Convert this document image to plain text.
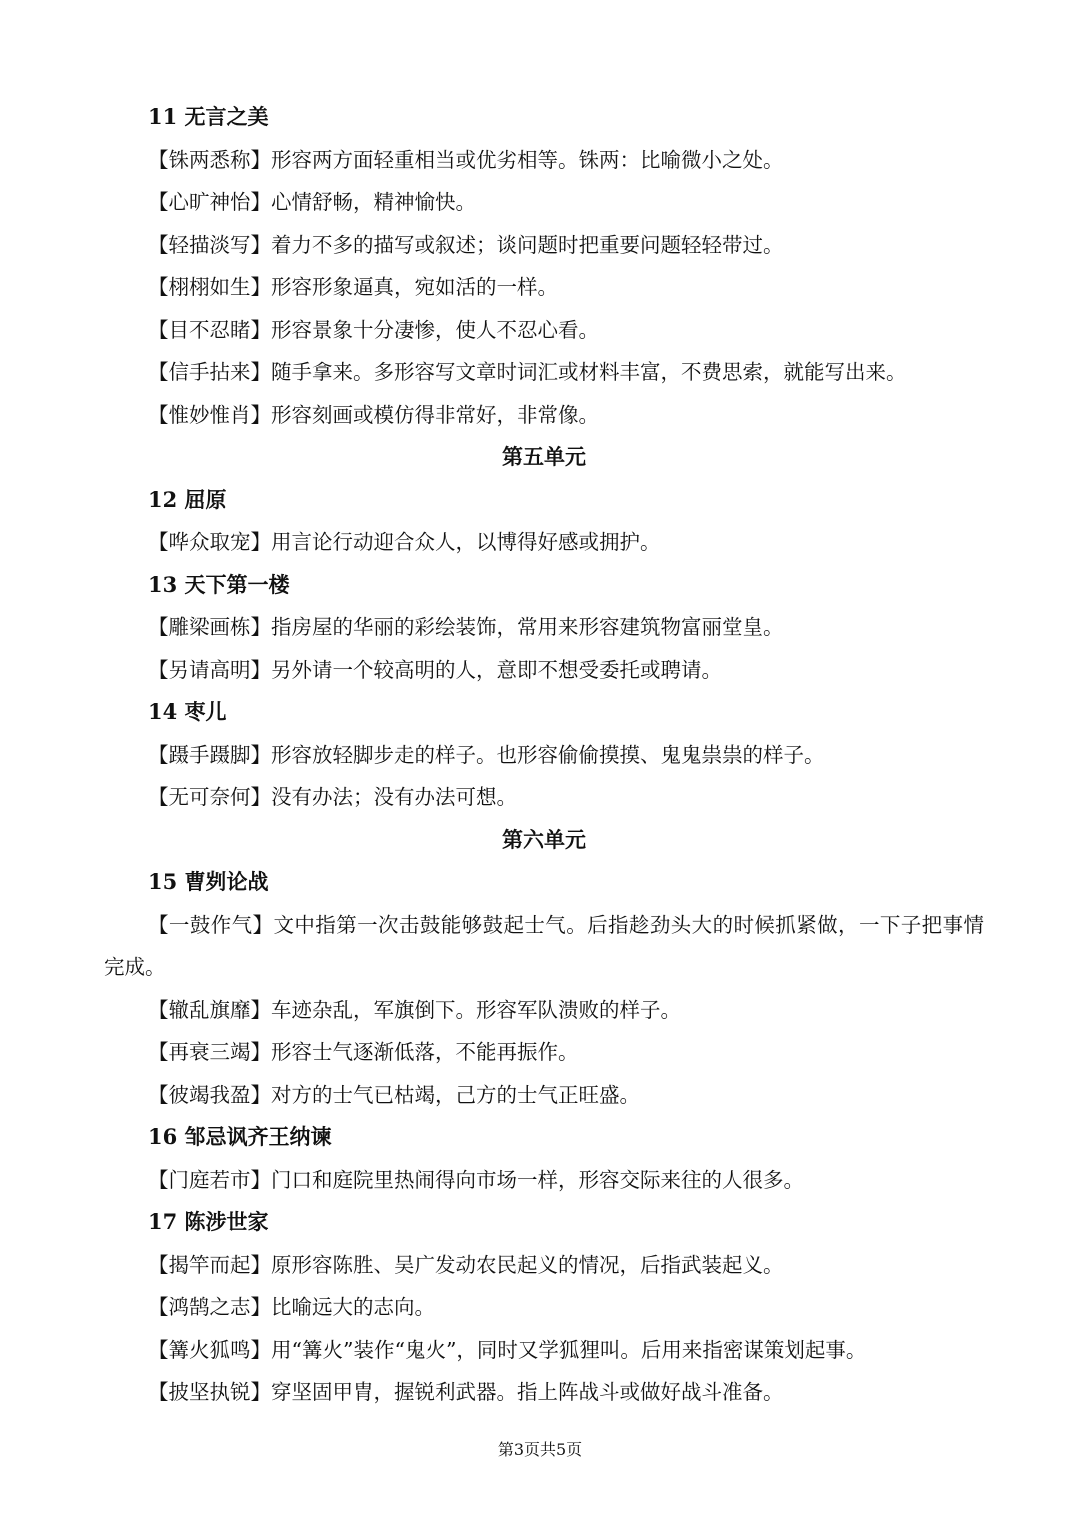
11 无言之美
【铢两悉称】形容两方面轻重相当或优劣相等。铢两：比喻微小之处。
【心旷神怡】心情舒畅，精神愉快。
【轻描淡写】着力不多的描写或叙述；谈问题时把重要问题轻轻带过。
【栩栩如生】形容形象逼真，宛如活的一样。
【目不忍睹】形容景象十分凄惨，使人不忍心看。
【信手拈来】随手拿来。多形容写文章时词汇或材料丰富，不费思索，就能写出来。
【惟妙惟肖】形容刻画或模仿得非常好，非常像。
第五单元
12 屈原
【哗众取宠】用言论行动迎合众人，以博得好感或拥护。
13 天下第一楼
【雕梁画栋】指房屋的华丽的彩绘装饰，常用来形容建筑物富丽堂皇。
【另请高明】另外请一个较高明的人，意即不想受委托或聘请。
14 枣儿
【蹑手蹑脚】形容放轻脚步走的样子。也形容偷偷摸摸、鬼鬼祟祟的样子。
【无可奈何】没有办法；没有办法可想。
第六单元
15 曹刿论战
【一鼓作气】文中指第一次击鼓能够鼓起士气。后指趁劲头大的时候抓紧做，一下子把事情完成。
【辙乱旗靡】车迹杂乱，军旗倒下。形容军队溃败的样子。
【再衰三竭】形容士气逐渐低落，不能再振作。
【彼竭我盈】对方的士气已枯竭，己方的士气正旺盛。
16 邹忌讽齐王纳谏
【门庭若市】门口和庭院里热闹得向市场一样，形容交际来往的人很多。
17 陈涉世家
【揭竿而起】原形容陈胜、吴广发动农民起义的情况，后指武装起义。
【鸿鹄之志】比喻远大的志向。
【篝火狐鸣】用“篝火”装作“鬼火”，同时又学狐狸叫。后用来指密谋策划起事。
【披坚执锐】穿坚固甲胄，握锐利武器。指上阵战斗或做好战斗准备。
第3页共5页
